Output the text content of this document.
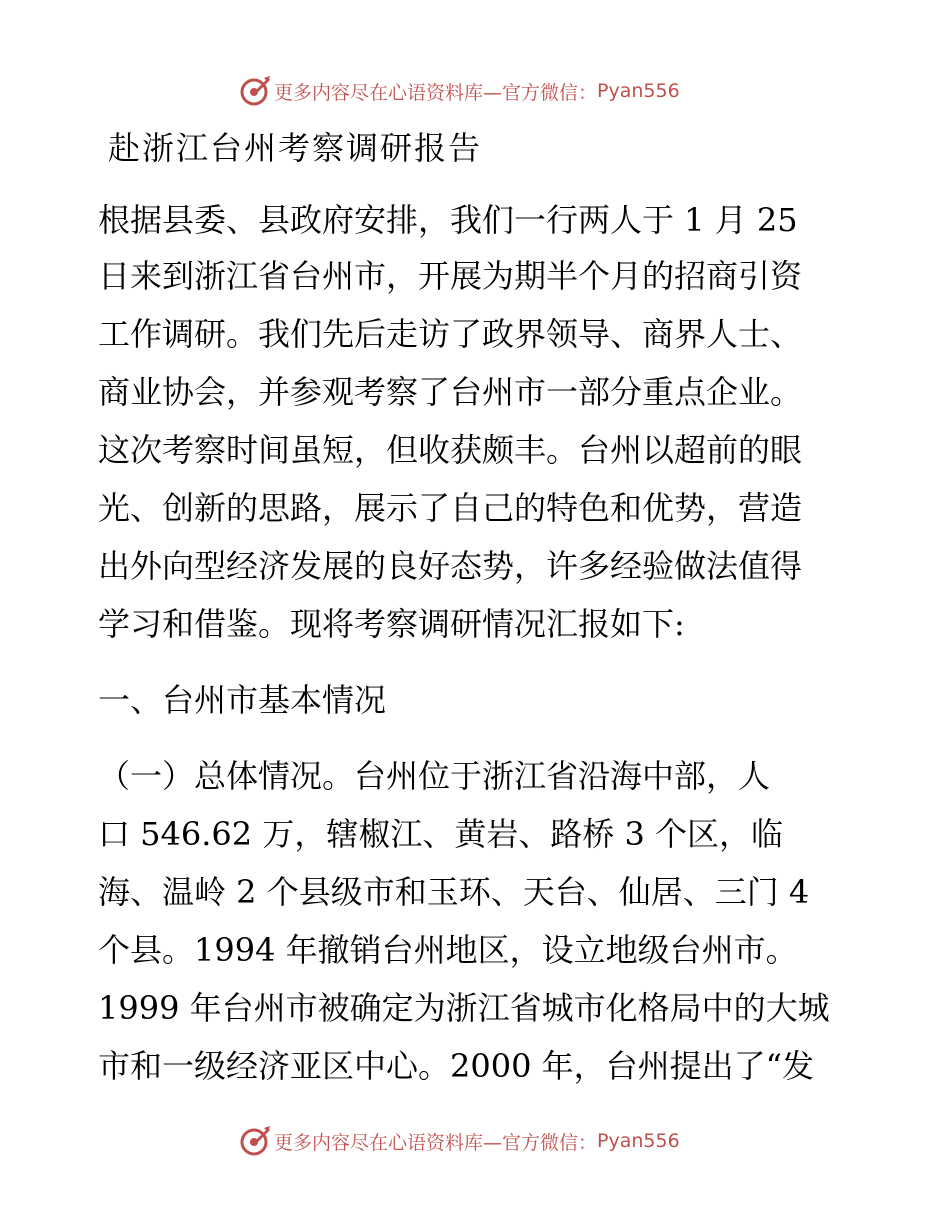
更多内容尽在心语资料库—官方微信： Pyan556
赴浙江台州考察调研报告
根据县委、县政府安排，我们一行两人于 1 月 25
日来到浙江省台州市，开展为期半个月的招商引资
工作调研。我们先后走访了政界领导、商界人士、
商业协会，并参观考察了台州市一部分重点企业。
这次考察时间虽短，但收获颇丰。台州以超前的眼
光、创新的思路，展示了自己的特色和优势，营造
出外向型经济发展的良好态势，许多经验做法值得
学习和借鉴。现将考察调研情况汇报如下:
一、台州市基本情况
（一）总体情况。台州位于浙江省沿海中部，人
口 546.62 万，辖椒江、黄岩、路桥 3 个区，临
海、温岭 2 个县级市和玉环、天台、仙居、三门 4
个县。1994 年撤销台州地区，设立地级台州市。
1999 年台州市被确定为浙江省城市化格局中的大城
市和一级经济亚区中心。2000 年，台州提出了“发
更多内容尽在心语资料库—官方微信： Pyan556
